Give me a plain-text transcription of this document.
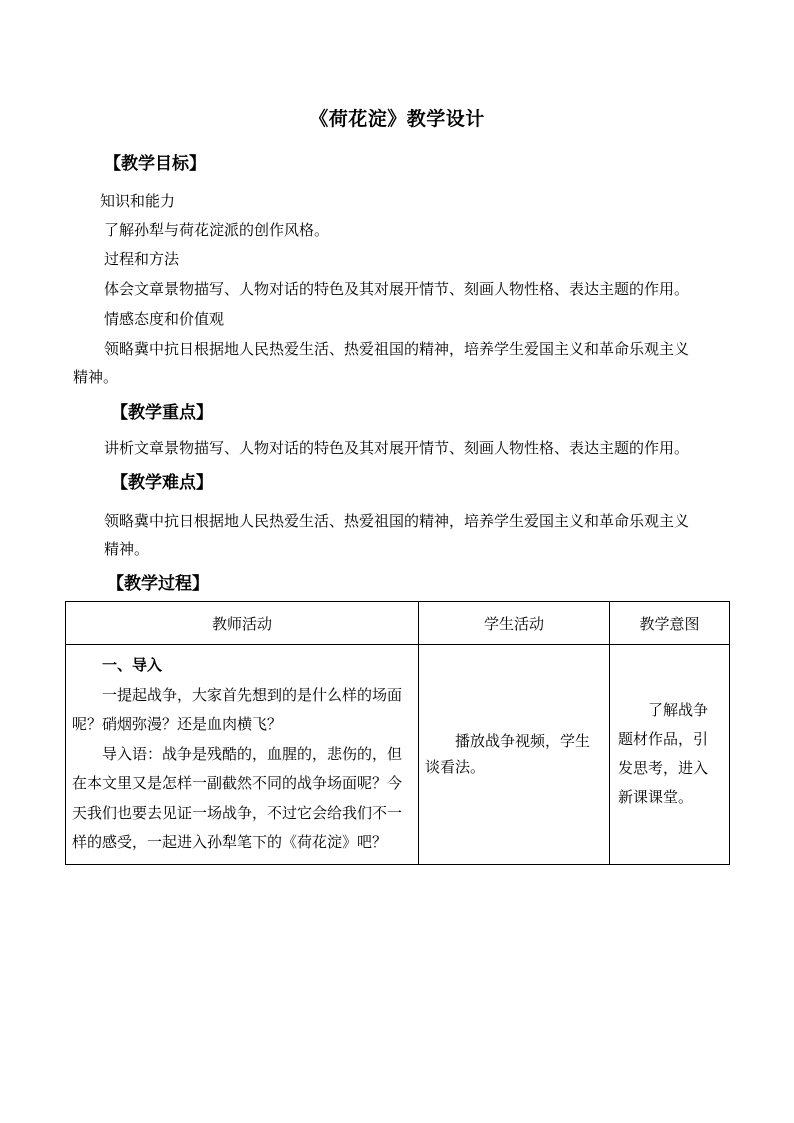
《荷花淀》教学设计
【教学目标】
知识和能力
了解孙犁与荷花淀派的创作风格。
过程和方法
体会文章景物描写、人物对话的特色及其对展开情节、刻画人物性格、表达主题的作用。
情感态度和价值观
领略冀中抗日根据地人民热爱生活、热爱祖国的精神，培养学生爱国主义和革命乐观主义
精神。
【教学重点】
讲析文章景物描写、人物对话的特色及其对展开情节、刻画人物性格、表达主题的作用。
【教学难点】
领略冀中抗日根据地人民热爱生活、热爱祖国的精神，培养学生爱国主义和革命乐观主义
精神。
【教学过程】
教师活动	学生活动	教学意图

一、导入
一提起战争，大家首先想到的是什么样的场面呢？硝烟弥漫？还是血肉横飞？
导入语：战争是残酷的，血腥的，悲伤的，但在本文里又是怎样一副截然不同的战争场面呢？今天我们也要去见证一场战争，不过它会给我们不一样的感受，一起进入孙犁笔下的《荷花淀》吧？	播放战争视频，学生谈看法。	了解战争题材作品，引发思考，进入新课课堂。
